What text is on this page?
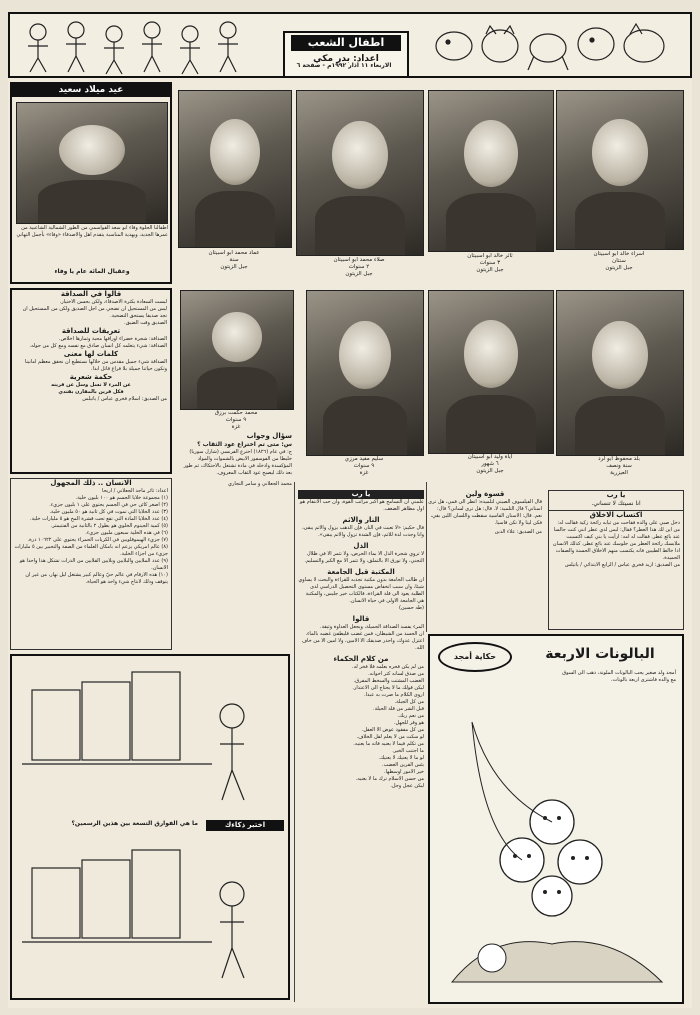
اطفال الشعب
اعداد: بدر مكي
الاربعاء ١١ اذار ١٩٩٢م - صفحة ٦
عيد ميلاد سعيد
اطفالنا الحلوة وفاء ابو سعد القواسمي من الطور الشمالية الشاعبية من عمرها الجديد، ويهدية المناسبة يتقدم اهل والاصدقاء «وفاء» بأجمل التهاني
وعقبال المائة عام يا وفاء
اسراء خالد ابو اسبيتان
سنتان
جبل الزيتون
ثائر خالد ابو اسبيتان
٣ سنوات
جبل الزيتون
صلاء محمد ابو اسبيتان
٢ سنوات
جبل الزيتون
عماد محمد ابو اسبيتان
سنة
جبل الزيتون
بلد محفوظ ابو لرد
سنة ونصف
العيزرية
اياة وليد ابو اسبيتان
٦ شهور
جبل الزيتون
سليم مفيد مرزي
٩ سنوات
غزة
محمد حكمت برزق
٩ سنوات
غزة
قالوا في الصداقة
لبست السعادة بكثرة الاصدقاء، ولكن بحسن الاختيار.
ليس من المستحيل ان تضحي من اجل الصديق ولكن من المستحيل ان تجد صديقا يستحق التضحية.
الصديق وقت الضيق.
تعريفات للصداقة
الصداقة: شجرة خضراء اوراقها محبة وثمارها اخلاص.
الصداقة: شيء يتعلمه كل انسان صادق مع نفسه ومع كل من حوله.
كلمات لها معنى
الصداقة شيء جميل مقدس من خلالها نستطيع ان نحقق معظم امانينا وتكون حياتنا جميلة بلا فراغ قاتل ابدا.
حكمة شعرية
عن المرء لا تسل وسل عن قرينه
فكل قرين بالمقارن يقتدي
من الصديق: اسلام فخري عباس / ياتيلس
الانسان .. ذلك المجهول
اعداد: ثائر ماجد الجعلاني / اريحا
(١) مجموعة خلايا الجسم هو ١٠٠ بليون خلية.
(٢) اصغر كائن حي في الجسم يحتوي على ١ بليون جزيء.
(٣) عدد الخلايا التي تموت في كل ثانية هو ٥٠ مليون خلية.
(٤) عدد الخلايا المادة التي تقع تحت قشرة المخ هو ٥ مليارات خلية.
(٥) كمية الجينوم الخلوي هو بطول ٢ بالثانية من الفنتيمتر.
(٦) في هذه الخلية سبعون مليون جزيء.
(٧) جزيء الهيموقلوبين في الكريات الحمراء يحتوي على ١٠٦٢٢ ذرة.
(٨) عالم امريكي يزعم انه بامكان العلماء من الصفة والتحبير بين ٥ مليارات جزيء من اجزاء الخلية.
(٩) عدد الملايين والبلايين وبلايين القلايين من الذرات تشكل هذا واحدا هو الانسان.
(١٠) هذه الارقام في عالم حيّ وعالم كبير يشتغل ليل نهار، من غير ان يتوقف وذلك لانتاج شيء واحد هو الحياة.
سؤال وجواب
س: متى تم اختراع عود الثقاب ؟
ج: في عام (١٨٢٦) اخترع الفرنسي (شارل سوريا) خليطا من الفوسفور الابيض بالشموات والمواد المؤكسدة وادخله في مادة تشتعل بالاحتكاك، ثم طور بعد ذلك ليصبح عود الثقاب المعروف.
محمد الجعلاني و سامر النجاري
يا رب
علمني ان التسامح هو اكبر مراتب القوة، وان حب الانتقام هو اول مظاهر الضعف.
النار والاثم
قال حكيم: «لا تعبث في النار، فإن الذهب يزول والاثم يبقى، وانا وجدت لذة للاثم، فإن الشدة تزول والاثم يبقى».
الذل
لا تروي شجرة الذل الا بماء الحرص، ولا تثمر الا في ظلال التجني، ولا تورق الا بالتملق، ولا تثمر الا مع الكبر والتسليم.
المكتبة قبل الجامعة
ان طالب الجامعة بدون مكتبة تجذبه للقراءة والبحث لا يساوي شيئا، وان سبب انخفاض مستوى التحصيل الدراسي لدى الطلبة يعود الى قلة القراءة، فالكتاب خير جليس، والمكتبة هي الجامعة الاولى في حياة الانسان.
(طه حسين)
قالوا
المرء يفسد الصداقة الجميلة، ويجعل العداوة وثيقة.
ان الحسد من الشيطان، فمن غضب فليطفئ غضبه بالماء.
اعتزل عدوك، واحذر صديقك الا الامين، ولا امين الا من خاف الله.
من كلام الحكماء
من لم يكن فخره بعلمه فلا فخر له.
من صدق لسانه كثر اخوانه.
الغضب المشتت والسخط المفرق.
ليكن قولك ما لا يحتاج الى الاعتذار.
اروى الكلام ما صرت به عبدا.
من كل الجبلة.
قبل الشر من قلة الحيلة.
من نعم ربك.
هو وقر للجهل.
من كل مفقود عوض الا العقل.
لو سكت من لا يعلم لقل الخلاف.
من تكلم فيما لا يعنيه فاته ما يعنيه.
ما اجتنب الخير.
لو ما لا يعنيك لا يعنيك.
بئس القرين الغضب.
خير الامور اوسطها.
من حسن الاسلام ترك ما لا يعنيه.
ليكن عجل وجل.
قسوة ولين
قال الفيلسوف الصيني لتلميذه: انظر الى فمي، هل ترى اسناني؟ قال التلميذ: لا. قال: هل ترى لساني؟ قال: نعم. قال: الاسنان القاسية سقطت واللسان اللين بقي، فكن لينا ولا تكن قاسيا.
من الصديق: علاء الدين
يا رب
انا نسيتك لا تنساني.
اكتساب الاخلاق
دخل صبي على والده فقاحت من ثيابه رائحة زكية فقالت له: من اين لك هذا العطر؟ فقال: ليس لدي عطر انني كنت جالسا عند بائع عطر. فقالت له امه: ارأيت يا بني كيف اكتسبت ملابسك رائحة العطر من جلوسك عند بائع عطر، كذلك الانسان اذا خالط الطيبين فانه يكتسب منهم الاخلاق الحسنة والصفات الحميدة.
من الصديق: ازيد فخري عباس / الرابع الابتدائي / ياتيلس
حكاية أمجد	البالونات الاربعة
أمجد ولد صغير يحب البالونات الملونة، ذهب الى السوق مع والده فاشترى اربعة بالونات.
اختبر ذكاءك
ما هي الفوارق التسعة بين هذين الرسمين؟
